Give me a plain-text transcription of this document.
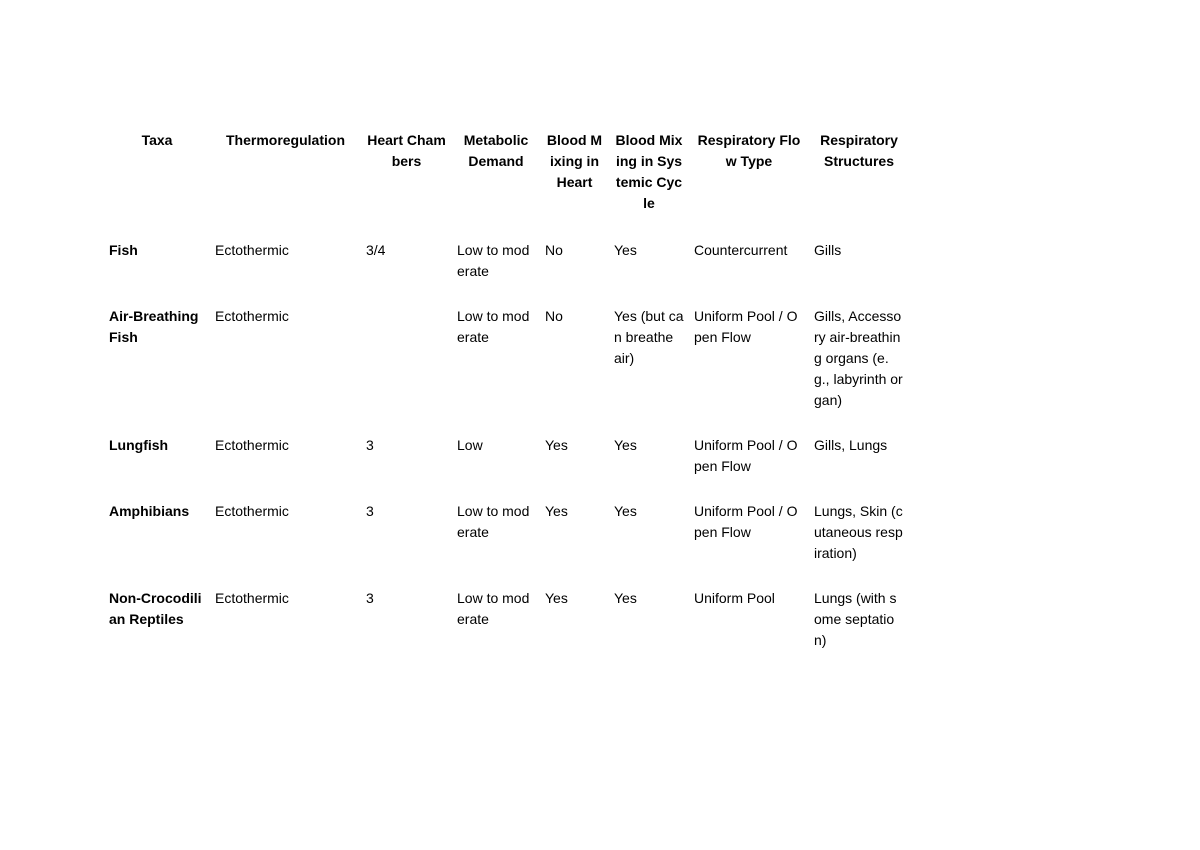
Taxa	Thermoregulation	Heart Chambers	Metabolic Demand	Blood Mixing in Heart	Blood Mixing in Systemic Cycle	Respiratory Flow Type	Respiratory Structures
Fish	Ectothermic	3/4	Low to moderate	No	Yes	Countercurrent	Gills
Air-Breathing Fish	Ectothermic		Low to moderate	No	Yes (but can breathe air)	Uniform Pool / Open Flow	Gills, Accessory air-breathing organs (e.g., labyrinth organ)
Lungfish	Ectothermic	3	Low	Yes	Yes	Uniform Pool / Open Flow	Gills, Lungs
Amphibians	Ectothermic	3	Low to moderate	Yes	Yes	Uniform Pool / Open Flow	Lungs, Skin (cutaneous respiration)
Non-Crocodilian Reptiles	Ectothermic	3	Low to moderate	Yes	Yes	Uniform Pool	Lungs (with some septation)
